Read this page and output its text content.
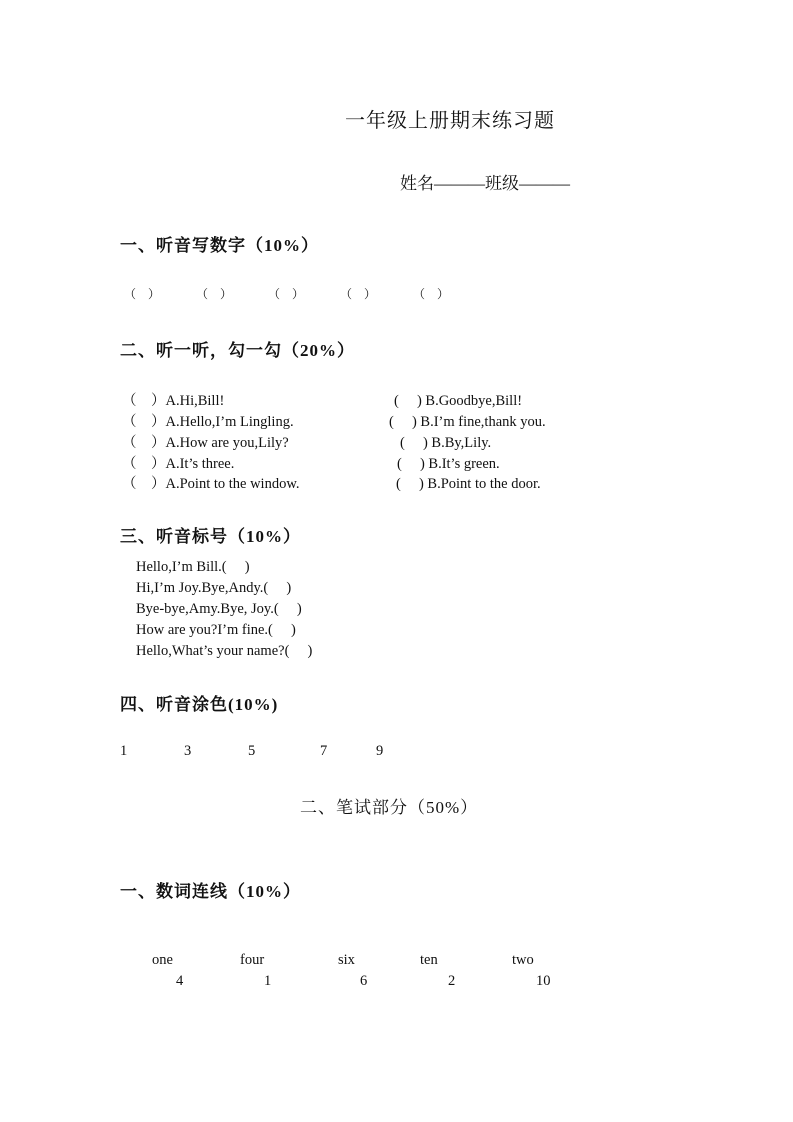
一年级上册期末练习题
姓名———班级———
一、听音写数字（10%）
（　）	（　）	（　）	（　）	（　）
二、听一听，勾一勾（20%）
（　）A.Hi,Bill!	(　 ) B.Goodbye,Bill!
（　）A.Hello,I’m Lingling.	(　 ) B.I’m fine,thank you.
（　）A.How are you,Lily?	(　 ) B.By,Lily.
（　）A.It’s three.	(　 ) B.It’s green.
（　）A.Point to the window.	(　 ) B.Point to the door.
三、听音标号（10%）
Hello,I’m Bill.(　 )
Hi,I’m Joy.Bye,Andy.(　 )
Bye-bye,Amy.Bye, Joy.(　 )
How are you?I’m fine.(　 )
Hello,What’s your name?(　 )
四、听音涂色(10%)
1	3	5	7	9
二、笔试部分（50%）
一、数词连线（10%）
one	four	six	ten	two
4	1	6	2	10
